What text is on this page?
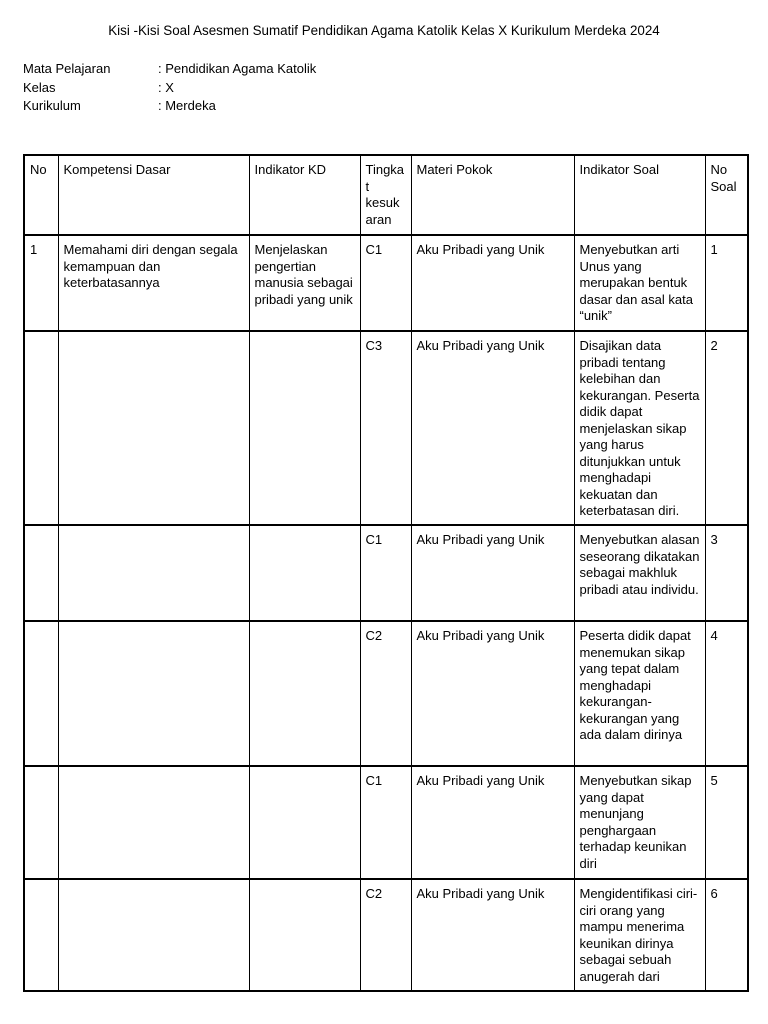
Kisi -Kisi Soal Asesmen Sumatif Pendidikan Agama Katolik Kelas X Kurikulum Merdeka 2024
Mata Pelajaran	: Pendidikan Agama Katolik
Kelas	: X
Kurikulum	: Merdeka
No	Kompetensi Dasar	Indikator KD	Tingkat kesukaran	Materi Pokok	Indikator Soal	No Soal
1	Memahami diri dengan segala kemampuan dan keterbatasannya	Menjelaskan pengertian manusia sebagai pribadi yang unik	C1	Aku Pribadi yang Unik	Menyebutkan arti Unus yang merupakan bentuk dasar dan asal kata “unik”	1
			C3	Aku Pribadi yang Unik	Disajikan data pribadi tentang kelebihan dan kekurangan. Peserta didik dapat menjelaskan sikap yang harus ditunjukkan untuk menghadapi kekuatan dan keterbatasan diri.	2
			C1	Aku Pribadi yang Unik	Menyebutkan alasan seseorang dikatakan sebagai makhluk pribadi atau individu.	3
			C2	Aku Pribadi yang Unik	Peserta didik dapat menemukan sikap yang tepat dalam menghadapi kekurangan-kekurangan yang ada dalam dirinya	4
			C1	Aku Pribadi yang Unik	Menyebutkan sikap yang dapat menunjang penghargaan terhadap keunikan diri	5
			C2	Aku Pribadi yang Unik	Mengidentifikasi ciri-ciri orang yang mampu menerima keunikan dirinya sebagai sebuah anugerah dari	6
